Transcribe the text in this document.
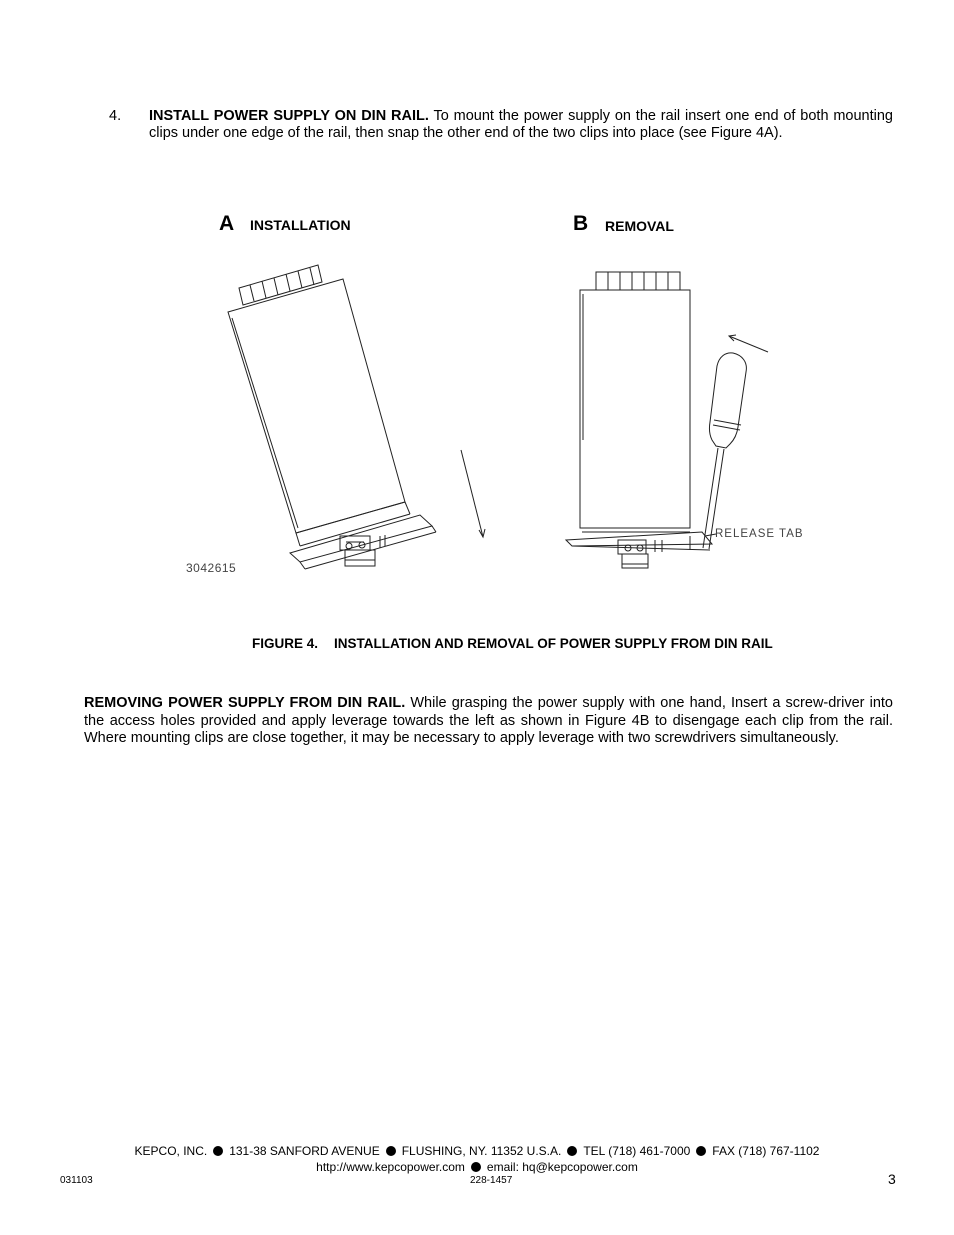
4. INSTALL POWER SUPPLY ON DIN RAIL. To mount the power supply on the rail insert one end of both mounting clips under one edge of the rail, then snap the other end of the two clips into place (see Figure 4A).
A INSTALLATION	B REMOVAL
3042615
RELEASE TAB
FIGURE 4. INSTALLATION AND REMOVAL OF POWER SUPPLY FROM DIN RAIL
REMOVING POWER SUPPLY FROM DIN RAIL. While grasping the power supply with one hand, Insert a screw-driver into the access holes provided and apply leverage towards the left as shown in Figure 4B to disengage each clip from the rail. Where mounting clips are close together, it may be necessary to apply leverage with two screwdrivers simultaneously.
KEPCO, INC. 131-38 SANFORD AVENUE FLUSHING, NY. 11352 U.S.A. TEL (718) 461-7000 FAX (718) 767-1102
http://www.kepcopower.com email: hq@kepcopower.com
031103	228-1457	3
